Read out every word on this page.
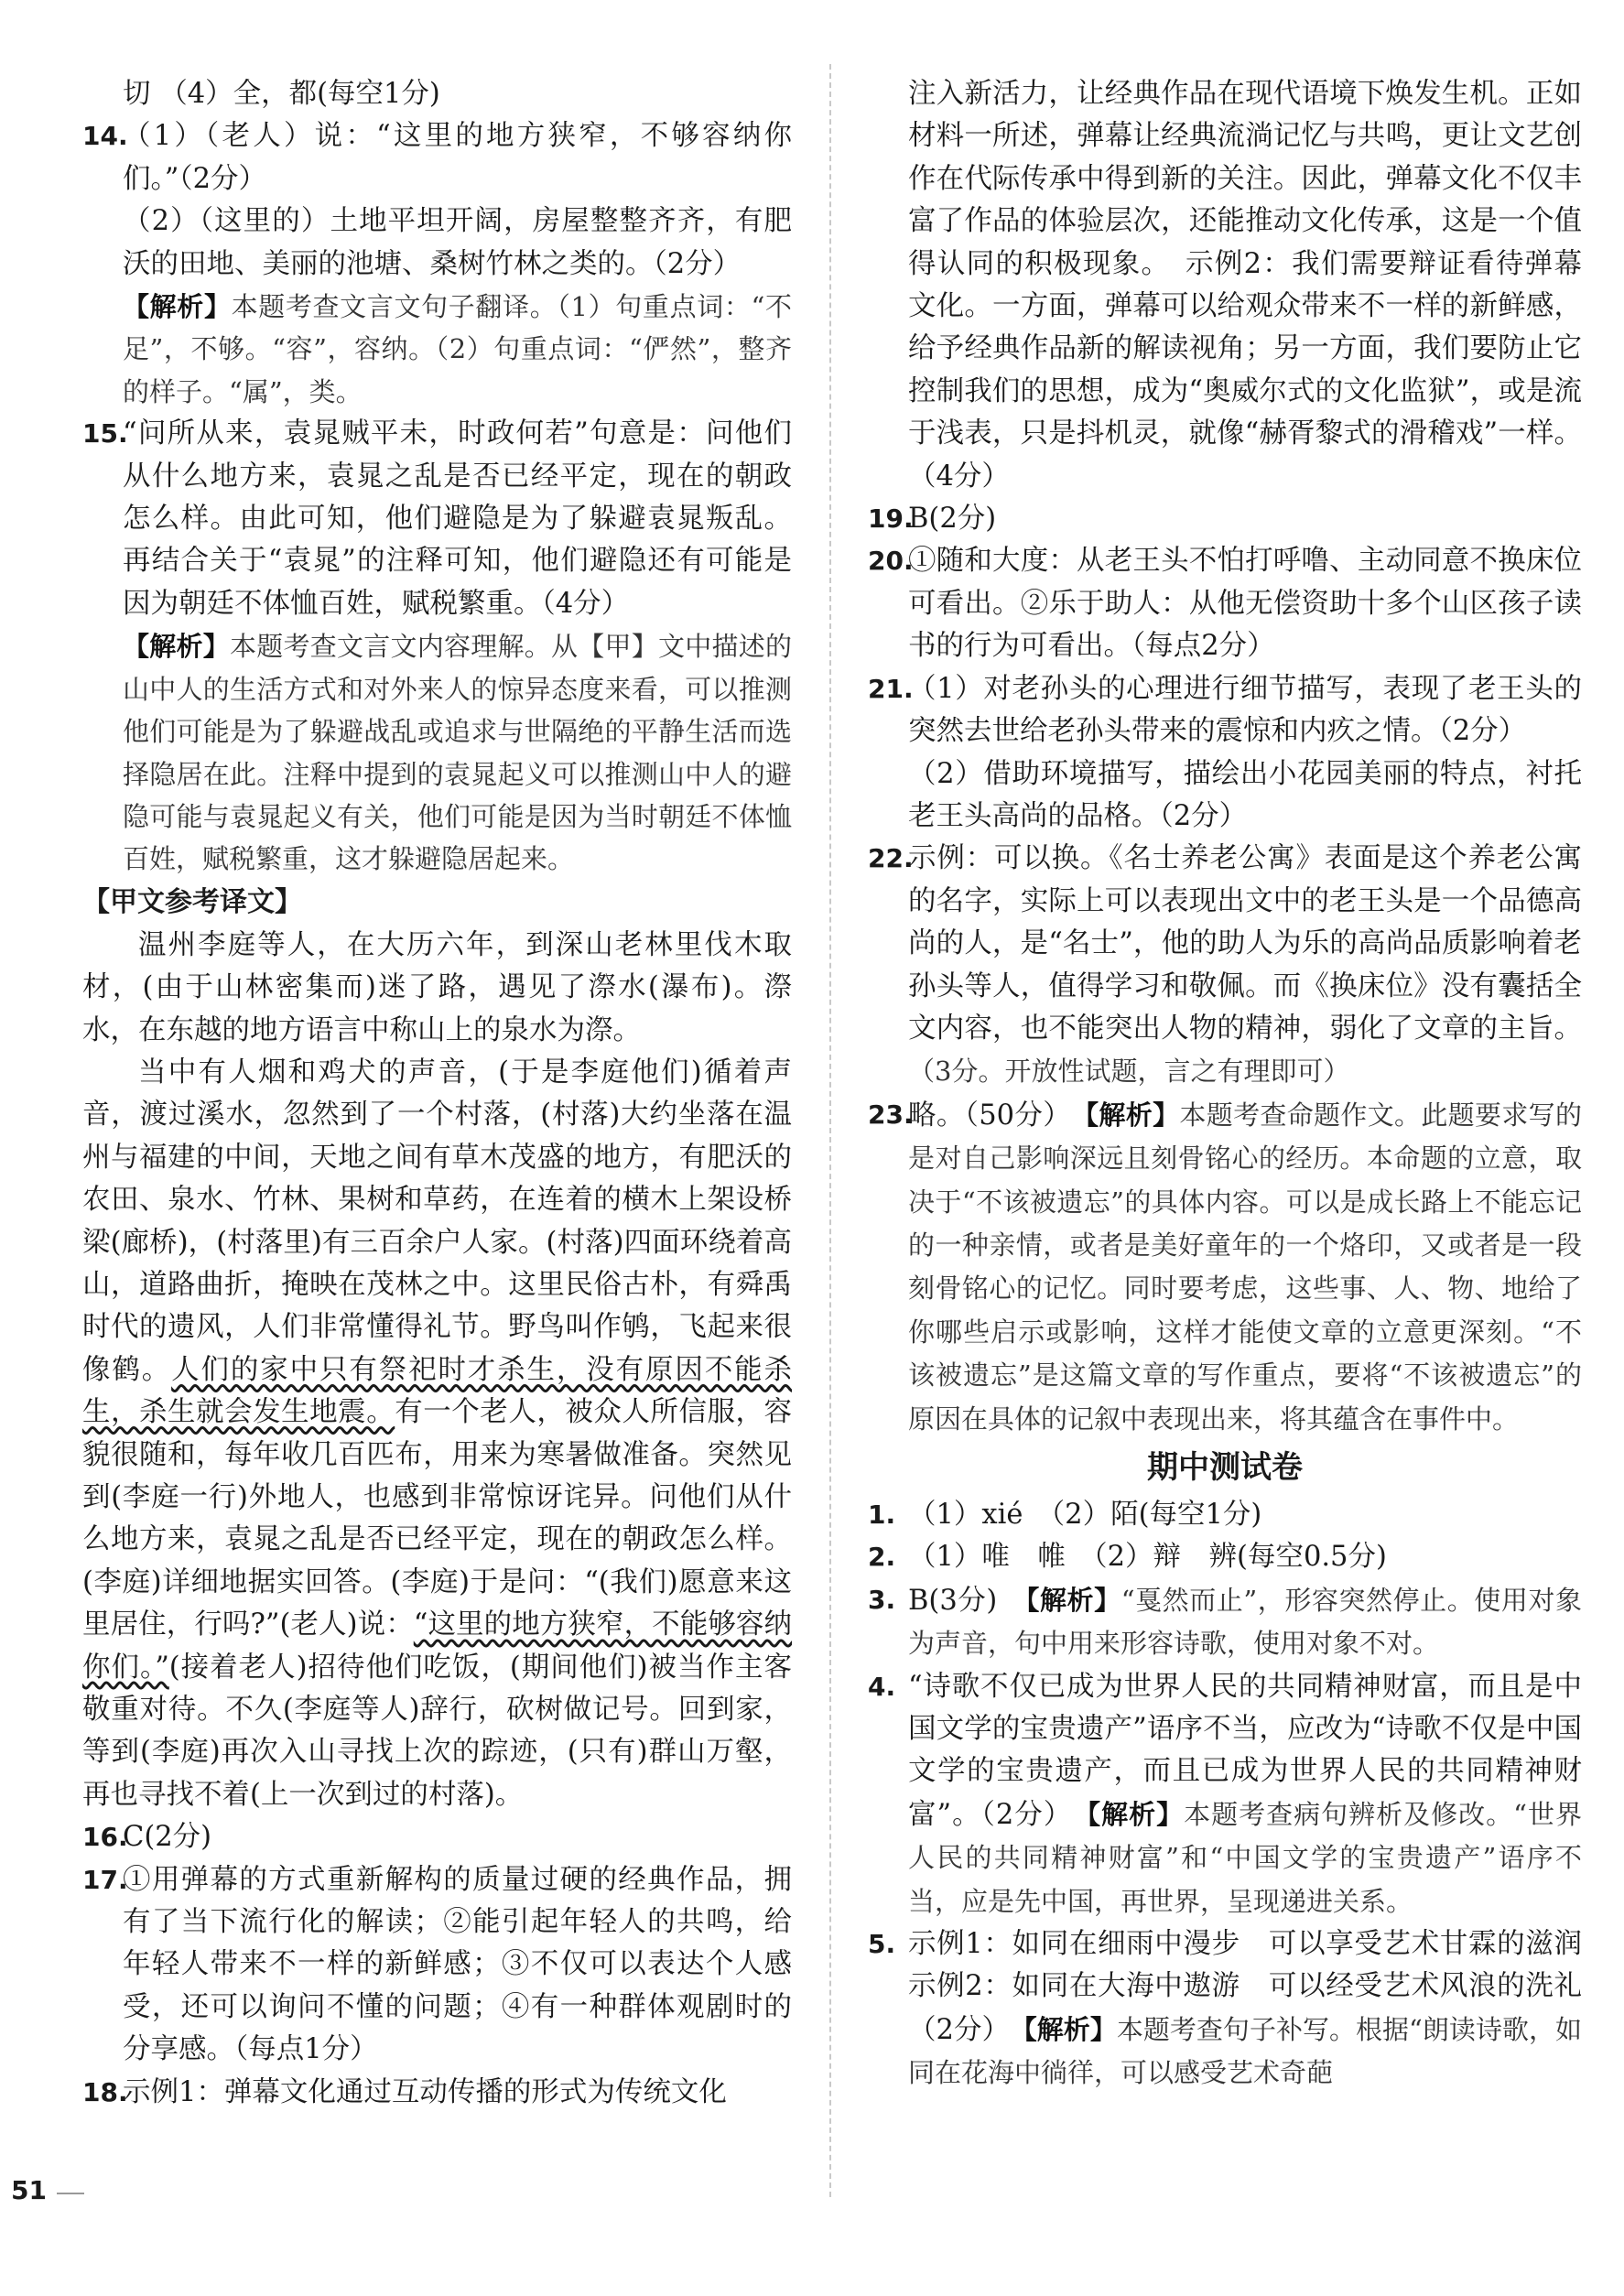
切 （4）全，都(每空1分)
14.
（1）（老人）说：“这里的地方狭窄，不够容纳你们。”（2分）
（2）（这里的）土地平坦开阔，房屋整整齐齐，有肥沃的田地、美丽的池塘、桑树竹林之类的。（2分）
【解析】本题考查文言文句子翻译。（1）句重点词：“不足”，不够。“容”，容纳。（2）句重点词：“俨然”，整齐的样子。“属”，类。
15.
“问所从来，袁晁贼平未，时政何若”句意是：问他们从什么地方来，袁晁之乱是否已经平定，现在的朝政怎么样。由此可知，他们避隐是为了躲避袁晁叛乱。再结合关于“袁晁”的注释可知，他们避隐还有可能是因为朝廷不体恤百姓，赋税繁重。（4分）
【解析】本题考查文言文内容理解。从【甲】文中描述的山中人的生活方式和对外来人的惊异态度来看，可以推测他们可能是为了躲避战乱或追求与世隔绝的平静生活而选择隐居在此。注释中提到的袁晁起义可以推测山中人的避隐可能与袁晁起义有关，他们可能是因为当时朝廷不体恤百姓，赋税繁重，这才躲避隐居起来。
【甲文参考译文】
温州李庭等人，在大历六年，到深山老林里伐木取材，(由于山林密集而)迷了路，遇见了漈水(瀑布)。漈水，在东越的地方语言中称山上的泉水为漈。
当中有人烟和鸡犬的声音，(于是李庭他们)循着声音，渡过溪水，忽然到了一个村落，(村落)大约坐落在温州与福建的中间，天地之间有草木茂盛的地方，有肥沃的农田、泉水、竹林、果树和草药，在连着的横木上架设桥梁(廊桥)，(村落里)有三百余户人家。(村落)四面环绕着高山，道路曲折，掩映在茂林之中。这里民俗古朴，有舜禹时代的遗风，人们非常懂得礼节。野鸟叫作鸲，飞起来很像鹤。人们的家中只有祭祀时才杀生，没有原因不能杀生，杀生就会发生地震。有一个老人，被众人所信服，容貌很随和，每年收几百匹布，用来为寒暑做准备。突然见到(李庭一行)外地人，也感到非常惊讶诧异。问他们从什么地方来，袁晁之乱是否已经平定，现在的朝政怎么样。(李庭)详细地据实回答。(李庭)于是问：“(我们)愿意来这里居住，行吗?”(老人)说：“这里的地方狭窄，不能够容纳你们。”(接着老人)招待他们吃饭，(期间他们)被当作主客敬重对待。不久(李庭等人)辞行，砍树做记号。回到家，等到(李庭)再次入山寻找上次的踪迹，(只有)群山万壑，再也寻找不着(上一次到过的村落)。
16.
C(2分)
17.
①用弹幕的方式重新解构的质量过硬的经典作品，拥有了当下流行化的解读；②能引起年轻人的共鸣，给年轻人带来不一样的新鲜感；③不仅可以表达个人感受，还可以询问不懂的问题；④有一种群体观剧时的分享感。（每点1分）
18.
示例1：弹幕文化通过互动传播的形式为传统文化
注入新活力，让经典作品在现代语境下焕发生机。正如材料一所述，弹幕让经典流淌记忆与共鸣，更让文艺创作在代际传承中得到新的关注。因此，弹幕文化不仅丰富了作品的体验层次，还能推动文化传承，这是一个值得认同的积极现象。　示例2：我们需要辩证看待弹幕文化。一方面，弹幕可以给观众带来不一样的新鲜感，给予经典作品新的解读视角；另一方面，我们要防止它控制我们的思想，成为“奥威尔式的文化监狱”，或是流于浅表，只是抖机灵，就像“赫胥黎式的滑稽戏”一样。（4分）
19.
B(2分)
20.
①随和大度：从老王头不怕打呼噜、主动同意不换床位可看出。②乐于助人：从他无偿资助十多个山区孩子读书的行为可看出。（每点2分）
21.
（1）对老孙头的心理进行细节描写，表现了老王头的突然去世给老孙头带来的震惊和内疚之情。（2分）
（2）借助环境描写，描绘出小花园美丽的特点，衬托老王头高尚的品格。（2分）
22.
示例：可以换。《名士养老公寓》表面是这个养老公寓的名字，实际上可以表现出文中的老王头是一个品德高尚的人，是“名士”，他的助人为乐的高尚品质影响着老孙头等人，值得学习和敬佩。而《换床位》没有囊括全文内容，也不能突出人物的精神，弱化了文章的主旨。（3分。开放性试题，言之有理即可）
23.
略。（50分）　 【解析】本题考查命题作文。此题要求写的是对自己影响深远且刻骨铭心的经历。本命题的立意，取决于“不该被遗忘”的具体内容。可以是成长路上不能忘记的一种亲情，或者是美好童年的一个烙印，又或者是一段刻骨铭心的记忆。同时要考虑，这些事、人、物、地给了你哪些启示或影响，这样才能使文章的立意更深刻。“不该被遗忘”是这篇文章的写作重点，要将“不该被遗忘”的原因在具体的记叙中表现出来，将其蕴含在事件中。
期中测试卷
1. （1）xié　（2）陌(每空1分)
2. （1）唯　帷　（2）辩　辨(每空0.5分)
3. B(3分)　 【解析】“戛然而止”，形容突然停止。使用对象为声音，句中用来形容诗歌，使用对象不对。
4. “诗歌不仅已成为世界人民的共同精神财富，而且是中国文学的宝贵遗产”语序不当，应改为“诗歌不仅是中国文学的宝贵遗产，而且已成为世界人民的共同精神财富”。（2分）　 【解析】本题考查病句辨析及修改。“世界人民的共同精神财富”和“中国文学的宝贵遗产”语序不当，应是先中国，再世界，呈现递进关系。
5. 示例1：如同在细雨中漫步　可以享受艺术甘霖的滋润　示例2：如同在大海中遨游　可以经受艺术风浪的洗礼（2分）　 【解析】本题考查句子补写。根据“朗读诗歌，如同在花海中徜徉，可以感受艺术奇葩
51
